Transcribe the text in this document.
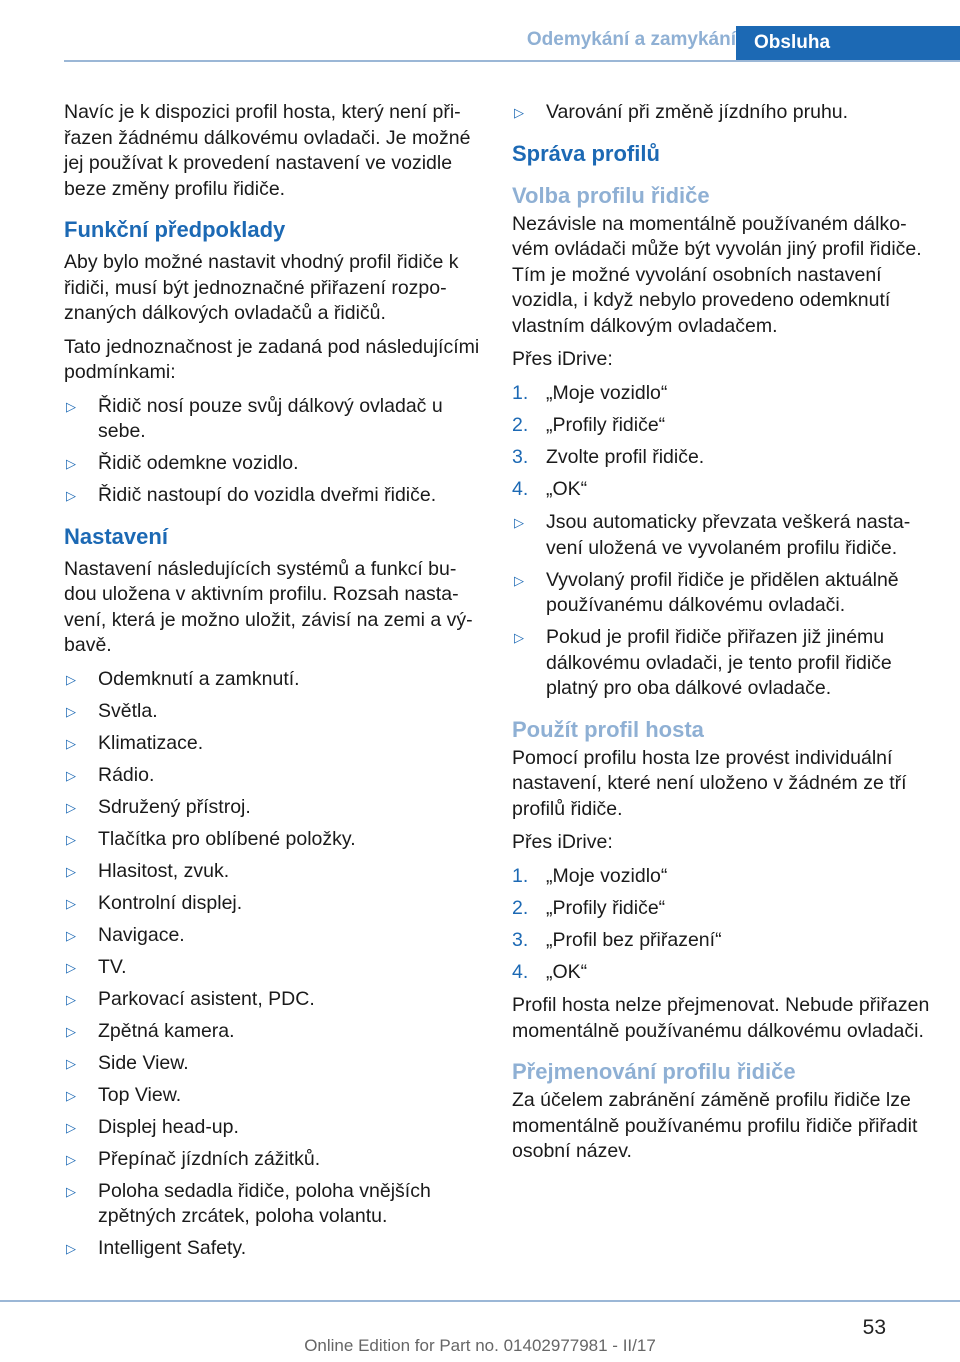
Odemykání a zamykání Obsluha

Navíc je k dispozici profil hosta, který není přiřazen žádnému dálkovému ovladači. Je možné jej používat k provedení nastavení ve vozidle beze změny profilu řidiče.

Funkční předpoklady

Aby bylo možné nastavit vhodný profil řidiče k řidiči, musí být jednoznačné přiřazení rozpoznaných dálkových ovladačů a řidičů.

Tato jednoznačnost je zadaná pod následujícími podmínkami:

▷ Řidič nosí pouze svůj dálkový ovladač u sebe.
▷ Řidič odemkne vozidlo.
▷ Řidič nastoupí do vozidla dveřmi řidiče.
Nastavení

Nastavení následujících systémů a funkcí budou uložena v aktivním profilu. Rozsah nastavení, která je možno uložit, závisí na zemi a výbavě.

▷ Odemknutí a zamknutí.
▷ Světla.
▷ Klimatizace.
▷ Rádio.
▷ Sdružený přístroj.
▷ Tlačítka pro oblíbené položky.
▷ Hlasitost, zvuk.
▷ Kontrolní displej.
▷ Navigace.
▷ TV.
▷ Parkovací asistent, PDC.
▷ Zpětná kamera.
▷ Side View.
▷ Top View.
▷ Displej head-up.
▷ Přepínač jízdních zážitků.
▷ Poloha sedadla řidiče, poloha vnějších zpětných zrcátek, poloha volantu.
▷ Intelligent Safety.
▷ Varování při změně jízdního pruhu.
Správa profilů
Volba profilu řidiče

Nezávisle na momentálně používaném dálkovém ovládači může být vyvolán jiný profil řidiče. Tím je možné vyvolání osobních nastavení vozidla, i když nebylo provedeno odemknutí vlastním dálkovým ovladačem.

Přes iDrive:

1. „Moje vozidlo“
2. „Profily řidiče“
3. Zvolte profil řidiče.
4. „OK“
▷ Jsou automaticky převzata veškerá nastavení uložená ve vyvolaném profilu řidiče.
▷ Vyvolaný profil řidiče je přidělen aktuálně používanému dálkovému ovladači.
▷ Pokud je profil řidiče přiřazen již jinému dálkovému ovladači, je tento profil řidiče platný pro oba dálkové ovladače.
Použít profil hosta

Pomocí profilu hosta lze provést individuální nastavení, které není uloženo v žádném ze tří profilů řidiče.

Přes iDrive:

1. „Moje vozidlo“
2. „Profily řidiče“
3. „Profil bez přiřazení“
4. „OK“

Profil hosta nelze přejmenovat. Nebude přiřazen momentálně používanému dálkovému ovladači.

Přejmenování profilu řidiče

Za účelem zabránění záměně profilu řidiče lze momentálně používanému profilu řidiče přiřadit osobní název.

53
Online Edition for Part no. 01402977981 - II/17
